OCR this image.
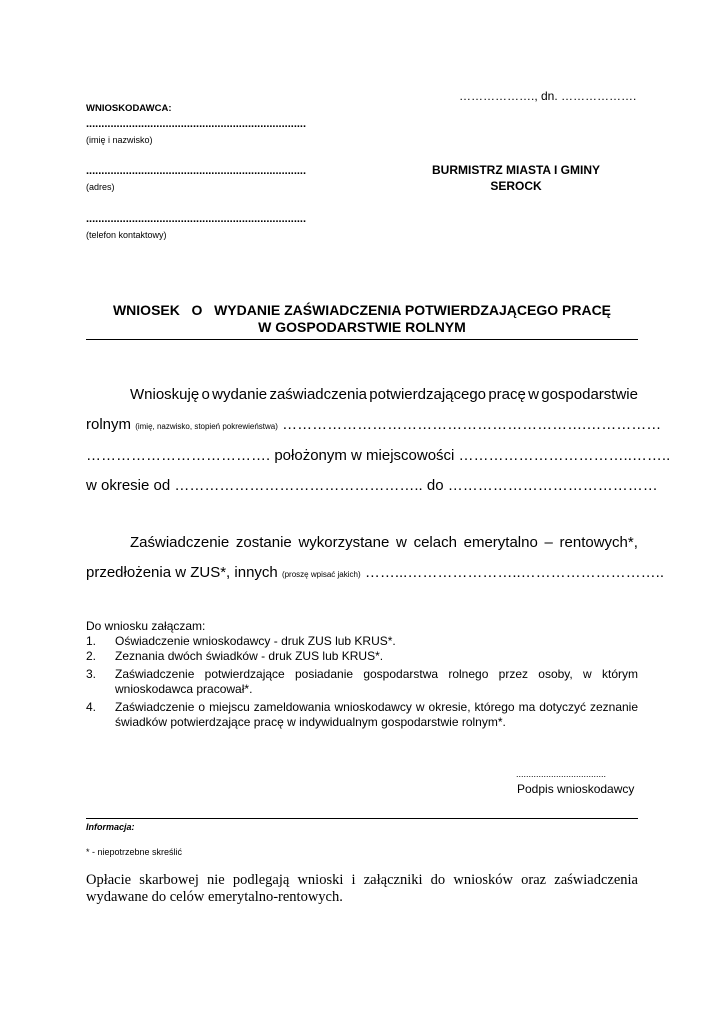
………………., dn. ……………….
WNIOSKODAWCA:
........................................................................
(imię i nazwisko)
........................................................................
(adres)
........................................................................
(telefon kontaktowy)
BURMISTRZ MIASTA I GMINY
SEROCK
WNIOSEK   O   WYDANIE ZAŚWIADCZENIA POTWIERDZAJĄCEGO PRACĘ
W GOSPODARSTWIE ROLNYM
Wnioskuję o wydanie zaświadczenia potwierdzającego pracę w gospodarstwie
rolnym (imię, nazwisko, stopień pokrewieństwa) …………………………………………………….……………
………………………………. położonym w miejscowości ……………………………..……..
w okresie od ………………………………………….. do ……………………………………
Zaświadczenie zostanie wykorzystane w celach emerytalno – rentowych*,
przedłożenia w ZUS*, innych (proszę wpisać jakich) ……...…………………..………………………..
Do wniosku załączam:
1.	Oświadczenie wnioskodawcy - druk ZUS lub KRUS*.
2.	Zeznania dwóch świadków - druk ZUS lub KRUS*.
3.	Zaświadczenie potwierdzające posiadanie gospodarstwa rolnego przez osoby, w którym wnioskodawca pracował*.
4.	Zaświadczenie o miejscu zameldowania wnioskodawcy w okresie, którego ma dotyczyć zeznanie świadków potwierdzające pracę w indywidualnym gospodarstwie rolnym*.
....................................
Podpis wnioskodawcy
Informacja:
* - niepotrzebne skreślić
Opłacie skarbowej nie podlegają wnioski i załączniki do wniosków oraz zaświadczenia wydawane do celów emerytalno-rentowych.
